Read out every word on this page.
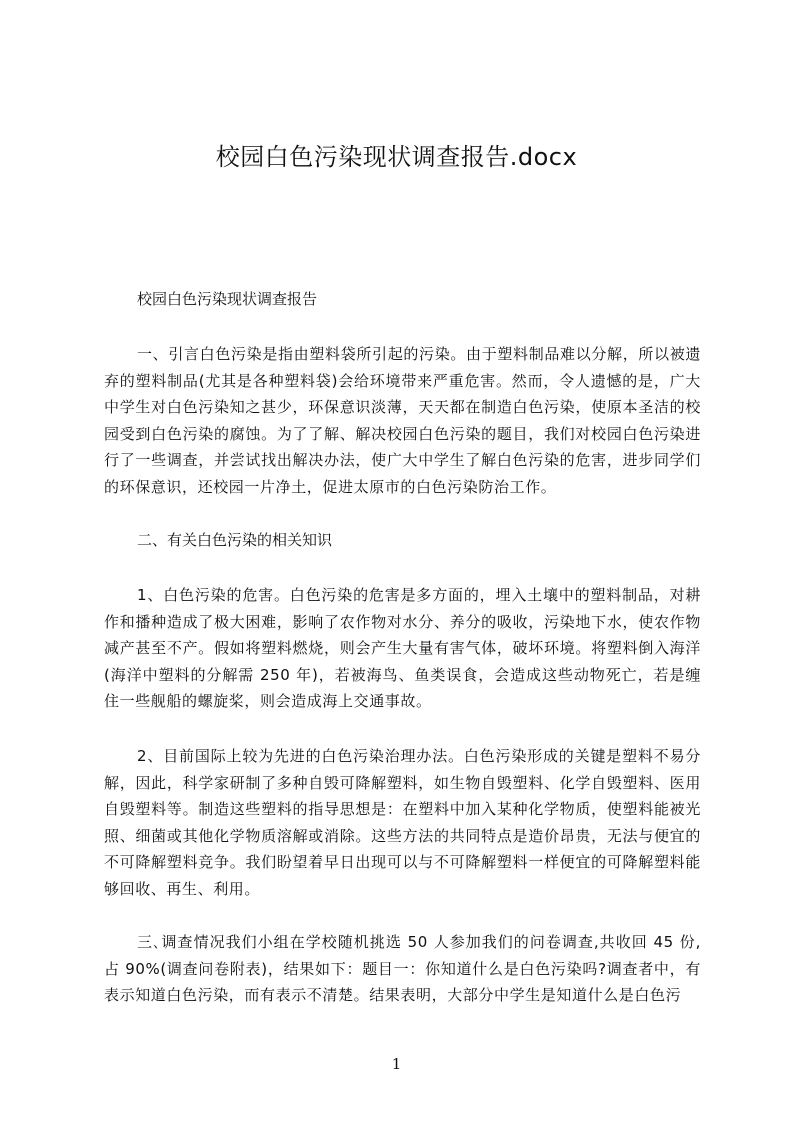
校园白色污染现状调查报告.docx
校园白色污染现状调查报告

一、引言白色污染是指由塑料袋所引起的污染。由于塑料制品难以分解，所以被遗弃的塑料制品(尤其是各种塑料袋)会给环境带来严重危害。然而，令人遗憾的是，广大中学生对白色污染知之甚少，环保意识淡薄，天天都在制造白色污染，使原本圣洁的校园受到白色污染的腐蚀。为了了解、解决校园白色污染的题目，我们对校园白色污染进行了一些调查，并尝试找出解决办法，使广大中学生了解白色污染的危害，进步同学们的环保意识，还校园一片净土，促进太原市的白色污染防治工作。

二、有关白色污染的相关知识

1、白色污染的危害。白色污染的危害是多方面的，埋入土壤中的塑料制品，对耕作和播种造成了极大困难，影响了农作物对水分、养分的吸收，污染地下水，使农作物减产甚至不产。假如将塑料燃烧，则会产生大量有害气体，破坏环境。将塑料倒入海洋(海洋中塑料的分解需 250 年)，若被海鸟、鱼类误食，会造成这些动物死亡，若是缠住一些舰船的螺旋桨，则会造成海上交通事故。

2、目前国际上较为先进的白色污染治理办法。白色污染形成的关键是塑料不易分解，因此，科学家研制了多种自毁可降解塑料，如生物自毁塑料、化学自毁塑料、医用自毁塑料等。制造这些塑料的指导思想是：在塑料中加入某种化学物质，使塑料能被光照、细菌或其他化学物质溶解或消除。这些方法的共同特点是造价昂贵，无法与便宜的不可降解塑料竞争。我们盼望着早日出现可以与不可降解塑料一样便宜的可降解塑料能够回收、再生、利用。

三､调查情况我们小组在学校随机挑选 50 人参加我们的问卷调查,共收回 45 份,占 90%(调查问卷附表)，结果如下：题目一：你知道什么是白色污染吗?调查者中，有表示知道白色污染，而有表示不清楚。结果表明，大部分中学生是知道什么是白色污

1
